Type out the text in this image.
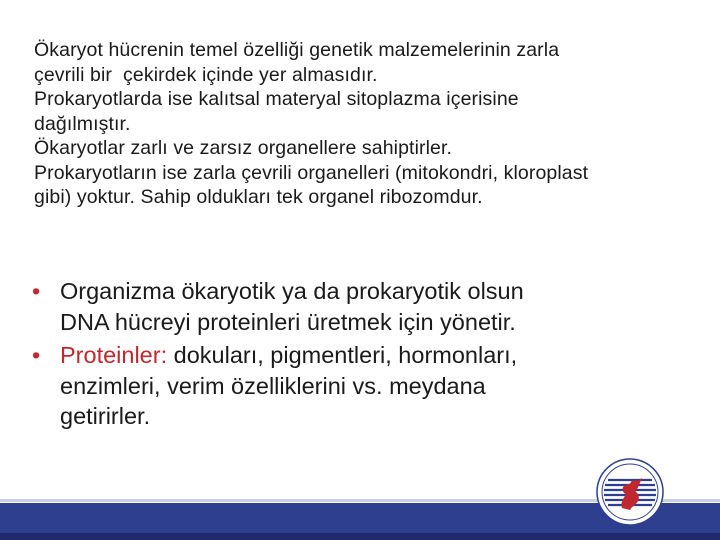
Ökaryot hücrenin temel özelliği genetik malzemelerinin zarla

çevrili bir  çekirdek içinde yer almasıdır.

Prokaryotlarda ise kalıtsal materyal sitoplazma içerisine

dağılmıştır.

Ökaryotlar zarlı ve zarsız organellere sahiptirler.

Prokaryotların ise zarla çevrili organelleri (mitokondri, kloroplast

gibi) yoktur. Sahip oldukları tek organel ribozomdur.

• Organizma ökaryotik ya da prokaryotik olsun
DNA hücreyi proteinleri üretmek için yönetir.
• Proteinler: dokuları, pigmentleri, hormonları,
enzimleri, verim özelliklerini vs. meydana
getirirler.
